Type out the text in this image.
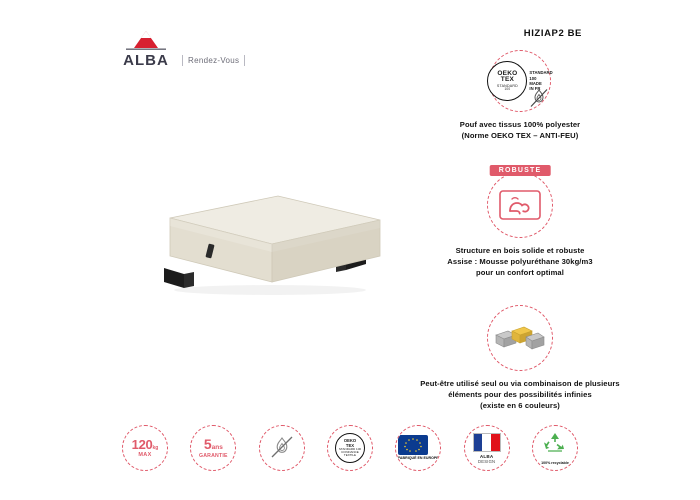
ALBA	Rendez-Vous
HIZIAP2 BE
OEKO
TEX
STANDARD
100
STANDARD
100
MADE
IN FR
Pouf avec tissus 100% polyester
(Norme OEKO TEX – ANTI-FEU)
ROBUSTE
Structure en bois solide et robuste
Assise : Mousse polyuréthane 30kg/m3
pour un confort optimal
Peut-être utilisé seul ou via combinaison de plusieurs
éléments pour des possibilités infinies
(existe en 6 couleurs)
120kg
MAX
5ans
GARANTIE
OEKO
TEX
STANDARD 100
CONFIANCE TEXTILE
FABRIQUÉ EN EUROPE	ALBA
DESIGN	100% recyclable
